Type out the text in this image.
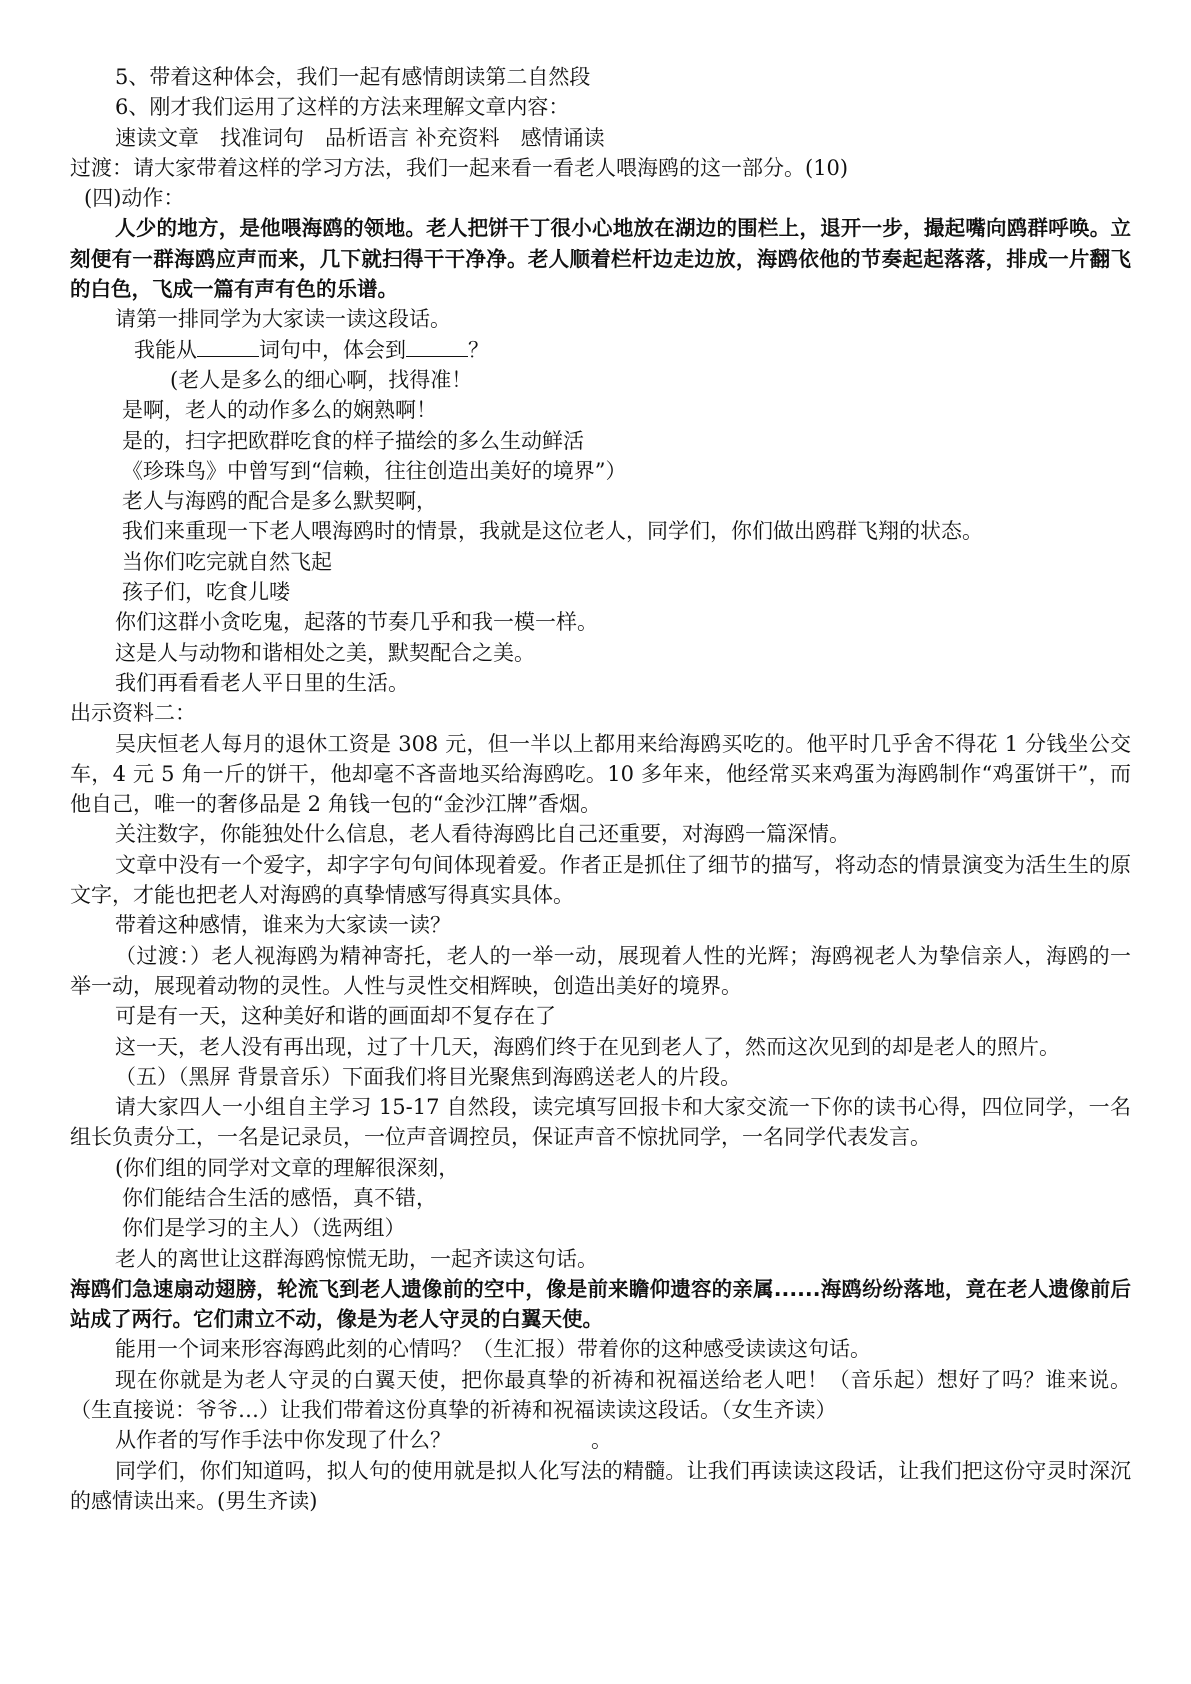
5、带着这种体会，我们一起有感情朗读第二自然段
6、刚才我们运用了这样的方法来理解文章内容：
速读文章　找准词句　品析语言 补充资料　感情诵读
过渡：请大家带着这样的学习方法，我们一起来看一看老人喂海鸥的这一部分。(10)
(四)动作：

人少的地方，是他喂海鸥的领地。老人把饼干丁很小心地放在湖边的围栏上，退开一步，撮起嘴向鸥群呼唤。立刻便有一群海鸥应声而来，几下就扫得干干净净。老人顺着栏杆边走边放，海鸥依他的节奏起起落落，排成一片翻飞的白色，飞成一篇有声有色的乐谱。

请第一排同学为大家读一读这段话。
我能从	词句中，体会到	？
(老人是多么的细心啊，找得准！
是啊，老人的动作多么的娴熟啊！
是的，扫字把欧群吃食的样子描绘的多么生动鲜活
《珍珠鸟》中曾写到“信赖，往往创造出美好的境界”）
老人与海鸥的配合是多么默契啊，
我们来重现一下老人喂海鸥时的情景，我就是这位老人，同学们，你们做出鸥群飞翔的状态。
当你们吃完就自然飞起
孩子们，吃食儿喽
你们这群小贪吃鬼，起落的节奏几乎和我一模一样。
这是人与动物和谐相处之美，默契配合之美。
我们再看看老人平日里的生活。
出示资料二：

吴庆恒老人每月的退休工资是 308 元，但一半以上都用来给海鸥买吃的。他平时几乎舍不得花 1 分钱坐公交车，4 元 5 角一斤的饼干，他却毫不吝啬地买给海鸥吃。10 多年来，他经常买来鸡蛋为海鸥制作“鸡蛋饼干”，而他自己，唯一的奢侈品是 2 角钱一包的“金沙江牌”香烟。

关注数字，你能独处什么信息，老人看待海鸥比自己还重要，对海鸥一篇深情。

文章中没有一个爱字，却字字句句间体现着爱。作者正是抓住了细节的描写，将动态的情景演变为活生生的原文字，才能也把老人对海鸥的真挚情感写得真实具体。

带着这种感情，谁来为大家读一读？

（过渡：）老人视海鸥为精神寄托，老人的一举一动，展现着人性的光辉；海鸥视老人为挚信亲人，海鸥的一举一动，展现着动物的灵性。人性与灵性交相辉映，创造出美好的境界。

可是有一天，这种美好和谐的画面却不复存在了

这一天，老人没有再出现，过了十几天，海鸥们终于在见到老人了，然而这次见到的却是老人的照片。

（五）（黑屏 背景音乐）下面我们将目光聚焦到海鸥送老人的片段。

请大家四人一小组自主学习 15-17 自然段，读完填写回报卡和大家交流一下你的读书心得，四位同学，一名组长负责分工，一名是记录员，一位声音调控员，保证声音不惊扰同学，一名同学代表发言。

(你们组的同学对文章的理解很深刻，
你们能结合生活的感悟，真不错，
你们是学习的主人）（选两组）
老人的离世让这群海鸥惊慌无助，一起齐读这句话。

海鸥们急速扇动翅膀，轮流飞到老人遗像前的空中，像是前来瞻仰遗容的亲属......海鸥纷纷落地，竟在老人遗像前后站成了两行。它们肃立不动，像是为老人守灵的白翼天使。

能用一个词来形容海鸥此刻的心情吗？（生汇报）带着你的这种感受读读这句话。

现在你就是为老人守灵的白翼天使，把你最真挚的祈祷和祝福送给老人吧！（音乐起）想好了吗？谁来说。（生直接说：爷爷…）让我们带着这份真挚的祈祷和祝福读读这段话。（女生齐读）

从作者的写作手法中你发现了什么？	。

同学们，你们知道吗，拟人句的使用就是拟人化写法的精髓。让我们再读读这段话，让我们把这份守灵时深沉的感情读出来。(男生齐读)
